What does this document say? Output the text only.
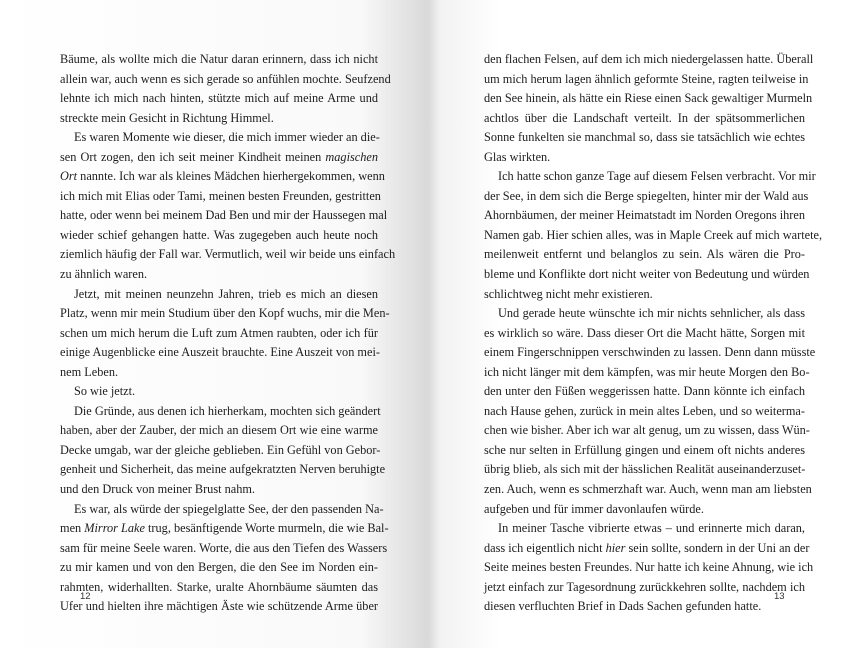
Bäume, als wollte mich die Natur daran erinnern, dass ich nicht
allein war, auch wenn es sich gerade so anfühlen mochte. Seufzend
lehnte ich mich nach hinten, stützte mich auf meine Arme und
streckte mein Gesicht in Richtung Himmel.
Es waren Momente wie dieser, die mich immer wieder an die-
sen Ort zogen, den ich seit meiner Kindheit meinen magischen
Ort nannte. Ich war als kleines Mädchen hierhergekommen, wenn
ich mich mit Elias oder Tami, meinen besten Freunden, gestritten
hatte, oder wenn bei meinem Dad Ben und mir der Haussegen mal
wieder schief gehangen hatte. Was zugegeben auch heute noch
ziemlich häufig der Fall war. Vermutlich, weil wir beide uns einfach
zu ähnlich waren.
Jetzt, mit meinen neunzehn Jahren, trieb es mich an diesen
Platz, wenn mir mein Studium über den Kopf wuchs, mir die Men-
schen um mich herum die Luft zum Atmen raubten, oder ich für
einige Augenblicke eine Auszeit brauchte. Eine Auszeit von mei-
nem Leben.
So wie jetzt.
Die Gründe, aus denen ich hierherkam, mochten sich geändert
haben, aber der Zauber, der mich an diesem Ort wie eine warme
Decke umgab, war der gleiche geblieben. Ein Gefühl von Gebor-
genheit und Sicherheit, das meine aufgekratzten Nerven beruhigte
und den Druck von meiner Brust nahm.
Es war, als würde der spiegelglatte See, der den passenden Na-
men Mirror Lake trug, besänftigende Worte murmeln, die wie Bal-
sam für meine Seele waren. Worte, die aus den Tiefen des Wassers
zu mir kamen und von den Bergen, die den See im Norden ein-
rahmten, widerhallten. Starke, uralte Ahornbäume säumten das
Ufer und hielten ihre mächtigen Äste wie schützende Arme über
12
den flachen Felsen, auf dem ich mich niedergelassen hatte. Überall
um mich herum lagen ähnlich geformte Steine, ragten teilweise in
den See hinein, als hätte ein Riese einen Sack gewaltiger Murmeln
achtlos über die Landschaft verteilt. In der spätsommerlichen
Sonne funkelten sie manchmal so, dass sie tatsächlich wie echtes
Glas wirkten.
Ich hatte schon ganze Tage auf diesem Felsen verbracht. Vor mir
der See, in dem sich die Berge spiegelten, hinter mir der Wald aus
Ahornbäumen, der meiner Heimatstadt im Norden Oregons ihren
Namen gab. Hier schien alles, was in Maple Creek auf mich wartete,
meilenweit entfernt und belanglos zu sein. Als wären die Pro-
bleme und Konflikte dort nicht weiter von Bedeutung und würden
schlichtweg nicht mehr existieren.
Und gerade heute wünschte ich mir nichts sehnlicher, als dass
es wirklich so wäre. Dass dieser Ort die Macht hätte, Sorgen mit
einem Fingerschnippen verschwinden zu lassen. Denn dann müsste
ich nicht länger mit dem kämpfen, was mir heute Morgen den Bo-
den unter den Füßen weggerissen hatte. Dann könnte ich einfach
nach Hause gehen, zurück in mein altes Leben, und so weiterma-
chen wie bisher. Aber ich war alt genug, um zu wissen, dass Wün-
sche nur selten in Erfüllung gingen und einem oft nichts anderes
übrig blieb, als sich mit der hässlichen Realität auseinanderzuset-
zen. Auch, wenn es schmerzhaft war. Auch, wenn man am liebsten
aufgeben und für immer davonlaufen würde.
In meiner Tasche vibrierte etwas – und erinnerte mich daran,
dass ich eigentlich nicht hier sein sollte, sondern in der Uni an der
Seite meines besten Freundes. Nur hatte ich keine Ahnung, wie ich
jetzt einfach zur Tagesordnung zurückkehren sollte, nachdem ich
diesen verfluchten Brief in Dads Sachen gefunden hatte.
13
